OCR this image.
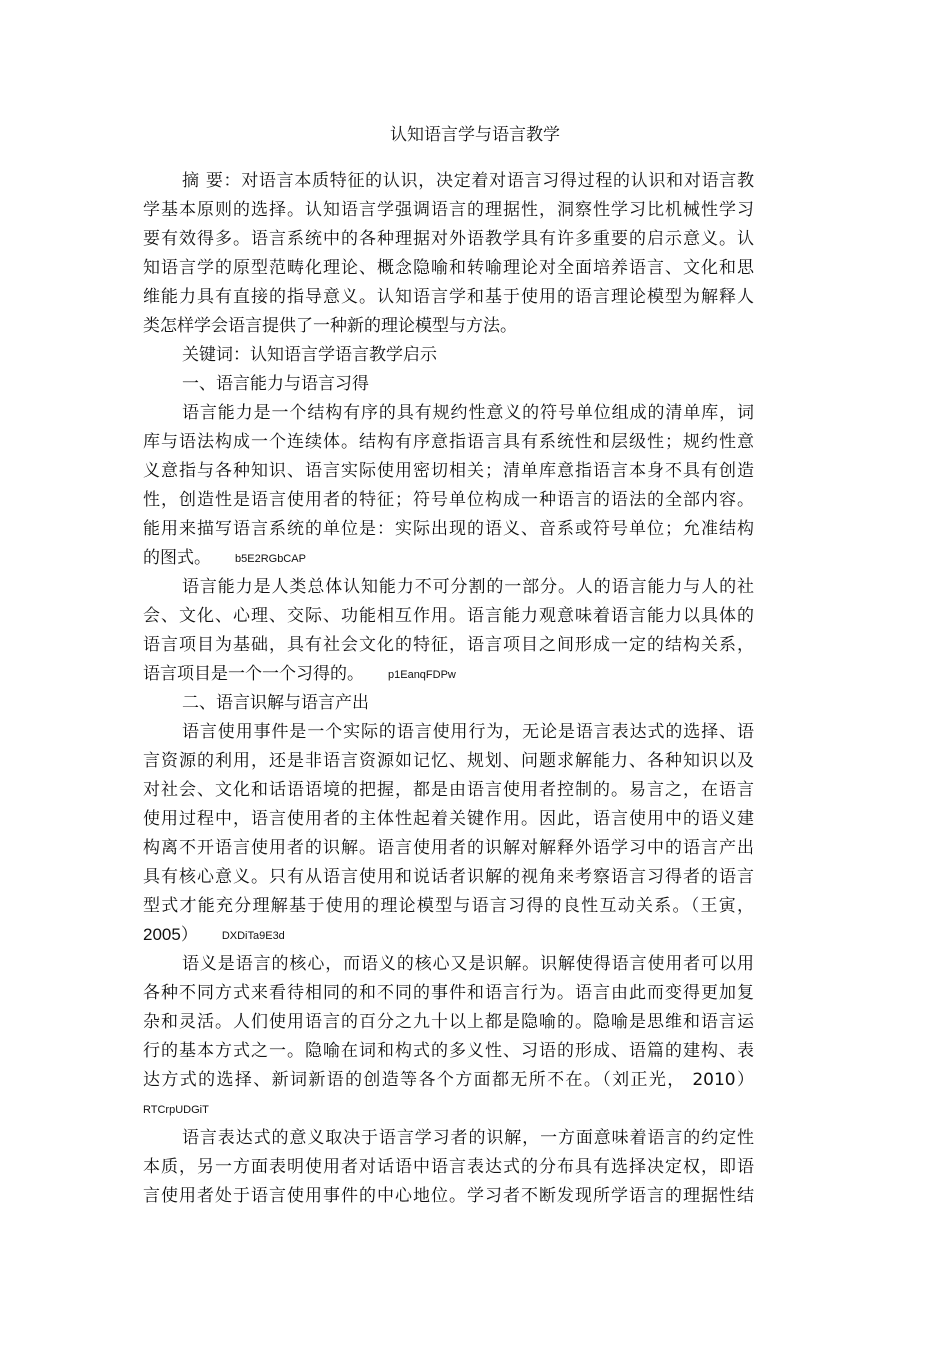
认知语言学与语言教学
摘 要：对语言本质特征的认识，决定着对语言习得过程的认识和对语言教
学基本原则的选择。认知语言学强调语言的理据性，洞察性学习比机械性学习
要有效得多。语言系统中的各种理据对外语教学具有许多重要的启示意义。认
知语言学的原型范畴化理论、概念隐喻和转喻理论对全面培养语言、文化和思
维能力具有直接的指导意义。认知语言学和基于使用的语言理论模型为解释人
类怎样学会语言提供了一种新的理论模型与方法。
关键词：认知语言学语言教学启示
一、语言能力与语言习得
语言能力是一个结构有序的具有规约性意义的符号单位组成的清单库，词
库与语法构成一个连续体。结构有序意指语言具有系统性和层级性；规约性意
义意指与各种知识、语言实际使用密切相关；清单库意指语言本身不具有创造
性，创造性是语言使用者的特征；符号单位构成一种语言的语法的全部内容。
能用来描写语言系统的单位是：实际出现的语义、音系或符号单位；允准结构
的图式。 b5E2RGbCAP
语言能力是人类总体认知能力不可分割的一部分。人的语言能力与人的社
会、文化、心理、交际、功能相互作用。语言能力观意味着语言能力以具体的
语言项目为基础，具有社会文化的特征，语言项目之间形成一定的结构关系，
语言项目是一个一个习得的。 p1EanqFDPw
二、语言识解与语言产出
语言使用事件是一个实际的语言使用行为，无论是语言表达式的选择、语
言资源的利用，还是非语言资源如记忆、规划、问题求解能力、各种知识以及
对社会、文化和话语语境的把握，都是由语言使用者控制的。易言之，在语言
使用过程中，语言使用者的主体性起着关键作用。因此，语言使用中的语义建
构离不开语言使用者的识解。语言使用者的识解对解释外语学习中的语言产出
具有核心意义。只有从语言使用和说话者识解的视角来考察语言习得者的语言
型式才能充分理解基于使用的理论模型与语言习得的良性互动关系。（王寅，
2005） DXDiTa9E3d
语义是语言的核心，而语义的核心又是识解。识解使得语言使用者可以用
各种不同方式来看待相同的和不同的事件和语言行为。语言由此而变得更加复
杂和灵活。人们使用语言的百分之九十以上都是隐喻的。隐喻是思维和语言运
行的基本方式之一。隐喻在词和构式的多义性、习语的形成、语篇的建构、表
达方式的选择、新词新语的创造等各个方面都无所不在。（刘正光， 2010）
RTCrpUDGiT
语言表达式的意义取决于语言学习者的识解，一方面意味着语言的约定性
本质，另一方面表明使用者对话语中语言表达式的分布具有选择决定权，即语
言使用者处于语言使用事件的中心地位。学习者不断发现所学语言的理据性结
